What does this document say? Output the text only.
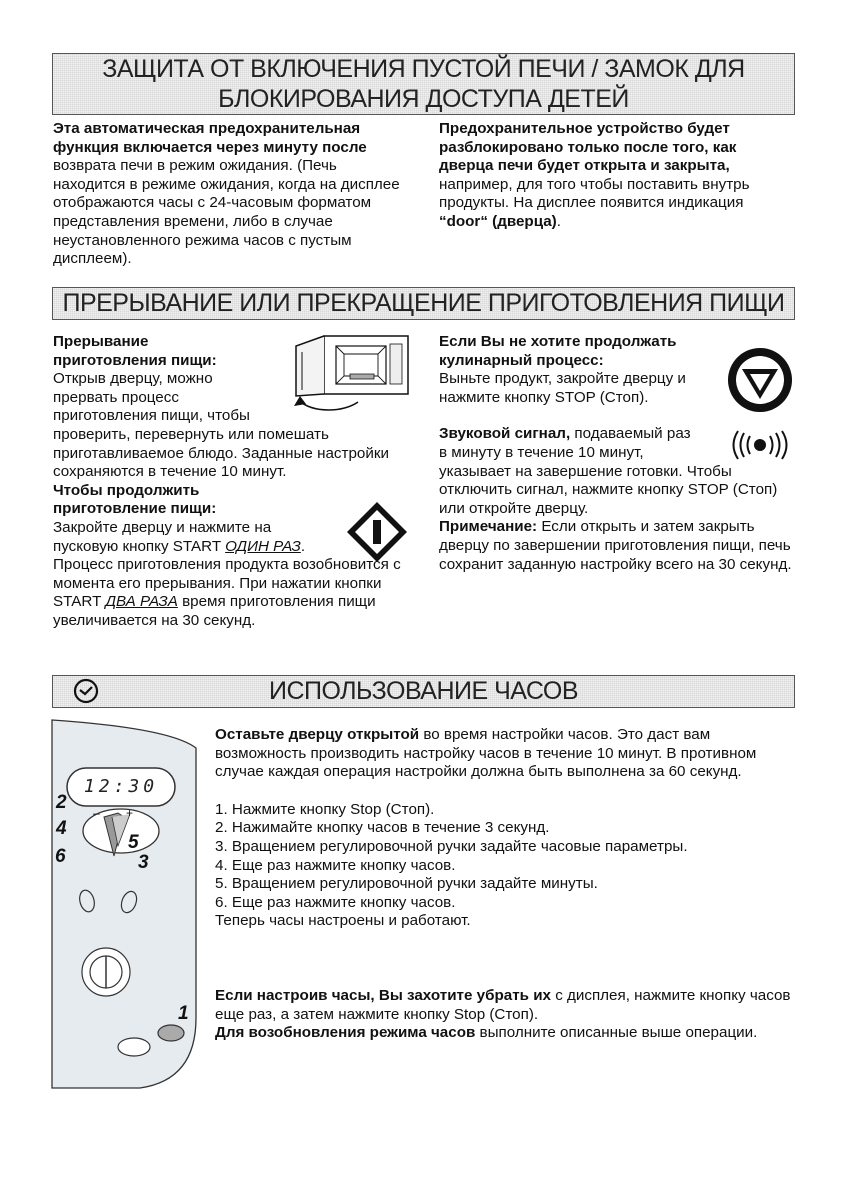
ЗАЩИТА ОТ ВКЛЮЧЕНИЯ ПУСТОЙ ПЕЧИ / ЗАМОК ДЛЯ
БЛОКИРОВАНИЯ ДОСТУПА ДЕТЕЙ

Эта автоматическая предохранительная функция включается через минуту после возврата печи в режим ожидания. (Печь находится в режиме ожидания, когда на дисплее отображаются часы с 24-часовым форматом представления времени, либо в случае неустановленного режима часов с пустым дисплеем).

Предохранительное устройство будет разблокировано только после того, как дверца печи будет открыта и закрыта, например, для того чтобы поставить внутрь продукты. На дисплее появится индикация “door“ (дверца).

ПРЕРЫВАНИЕ ИЛИ ПРЕКРАЩЕНИЕ ПРИГОТОВЛЕНИЯ ПИЩИ

Прерывание

приготовления пищи:

Открыв дверцу, можно

прервать процесс

приготовления пищи, чтобы

проверить, перевернуть или помешать приготавливаемое блюдо. Заданные настройки сохраняются в течение 10 минут.

Чтобы продолжить

приготовление пищи:

Закройте дверцу и нажмите на

пусковую кнопку START ОДИН РАЗ.

Процесс приготовления продукта возобновится с момента его прерывания. При нажатии кнопки START ДВА РАЗА время приготовления пищи увеличивается на 30 секунд.

Если Вы не хотите продолжать

кулинарный процесс:

Выньте продукт, закройте дверцу и

нажмите кнопку STOP (Стоп).

Звуковой сигнал, подаваемый раз

в минуту в течение 10 минут,

указывает на завершение готовки. Чтобы отключить сигнал, нажмите кнопку STOP (Стоп) или откройте дверцу.

Примечание: Если открыть и затем закрыть дверцу по завершении приготовления пищи, печь сохранит заданную настройку всего на 30 секунд.

ИСПОЛЬЗОВАНИЕ ЧАСОВ
12:30
– +
2
4
6
5
3
1

Оставьте дверцу открытой во время настройки часов. Это даст вам возможность производить настройку часов в течение 10 минут. В противном случае каждая операция настройки должна быть выполнена за 60 секунд.

1. Нажмите кнопку Stop (Стоп).
2. Нажимайте кнопку часов в течение 3 секунд.
3. Вращением регулировочной ручки задайте часовые параметры.
4. Еще раз нажмите кнопку часов.
5. Вращением регулировочной ручки задайте минуты.
6. Еще раз нажмите кнопку часов.

Теперь часы настроены и работают.

Если настроив часы, Вы захотите убрать их с дисплея, нажмите кнопку часов еще раз, а затем нажмите кнопку Stop (Стоп).

Для возобновления режима часов выполните описанные выше операции.
